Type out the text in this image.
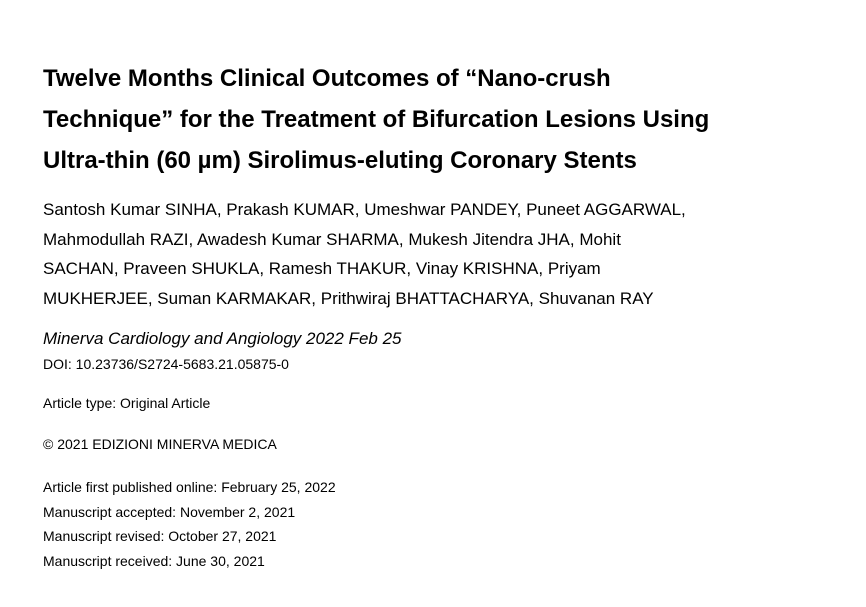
Twelve Months Clinical Outcomes of “Nano-crush
Technique” for the Treatment of Bifurcation Lesions Using
Ultra-thin (60 µm) Sirolimus-eluting Coronary Stents
Santosh Kumar SINHA, Prakash KUMAR, Umeshwar PANDEY, Puneet AGGARWAL,
Mahmodullah RAZI, Awadesh Kumar SHARMA, Mukesh Jitendra JHA, Mohit
SACHAN, Praveen SHUKLA, Ramesh THAKUR, Vinay KRISHNA, Priyam
MUKHERJEE, Suman KARMAKAR, Prithwiraj BHATTACHARYA, Shuvanan RAY
Minerva Cardiology and Angiology 2022 Feb 25
DOI: 10.23736/S2724-5683.21.05875-0
Article type: Original Article
© 2021 EDIZIONI MINERVA MEDICA
Article first published online: February 25, 2022
Manuscript accepted: November 2, 2021
Manuscript revised: October 27, 2021
Manuscript received: June 30, 2021
